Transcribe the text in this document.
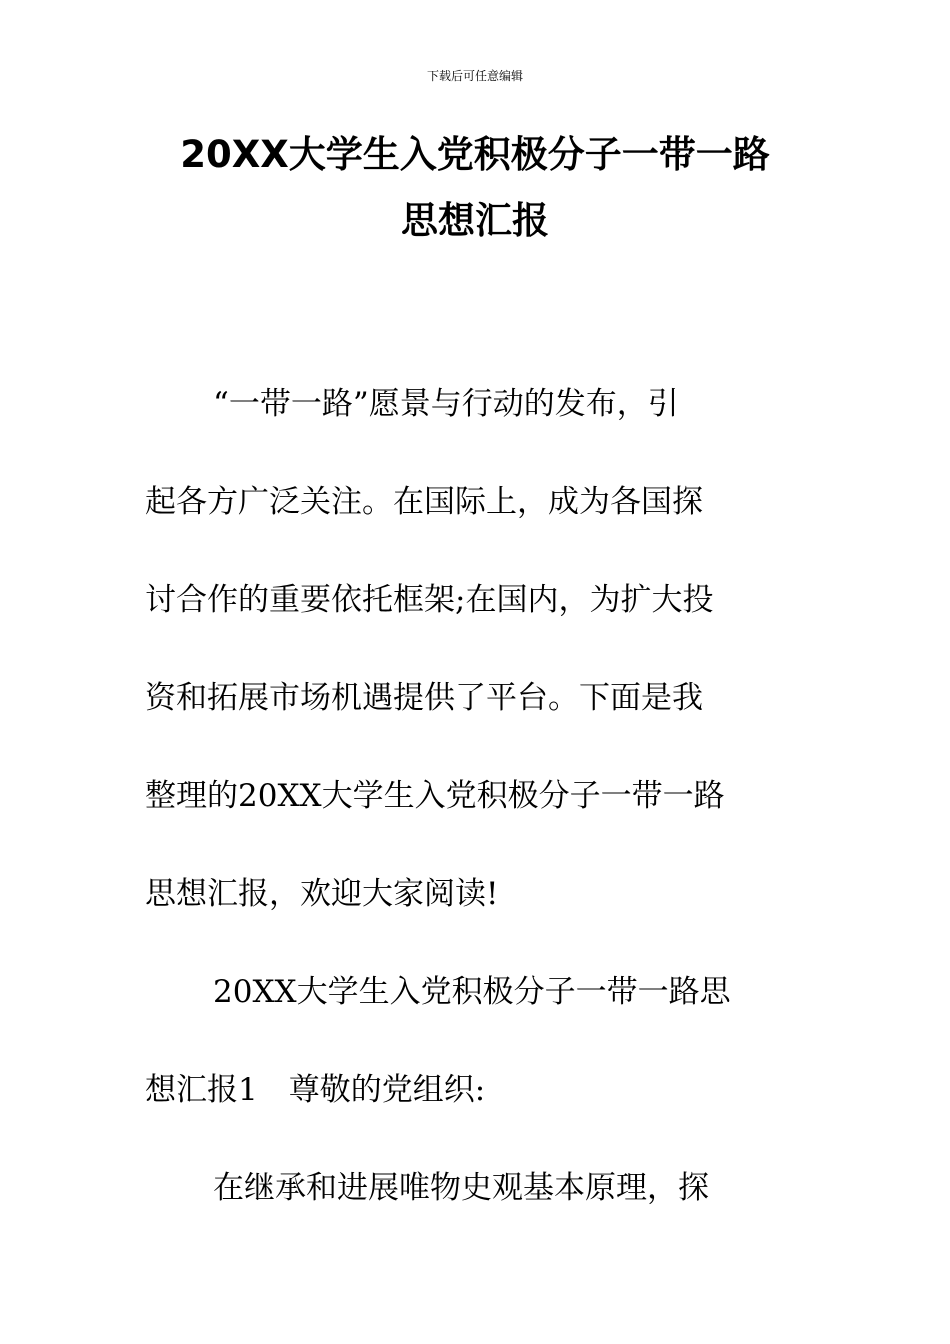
下载后可任意编辑
20XX大学生入党积极分子一带一路
思想汇报
“一带一路”愿景与行动的发布，引
起各方广泛关注。在国际上，成为各国探
讨合作的重要依托框架;在国内，为扩大投
资和拓展市场机遇提供了平台。下面是我
整理的20XX大学生入党积极分子一带一路
思想汇报，欢迎大家阅读!
20XX大学生入党积极分子一带一路思
想汇报1　尊敬的党组织:
在继承和进展唯物史观基本原理，探
